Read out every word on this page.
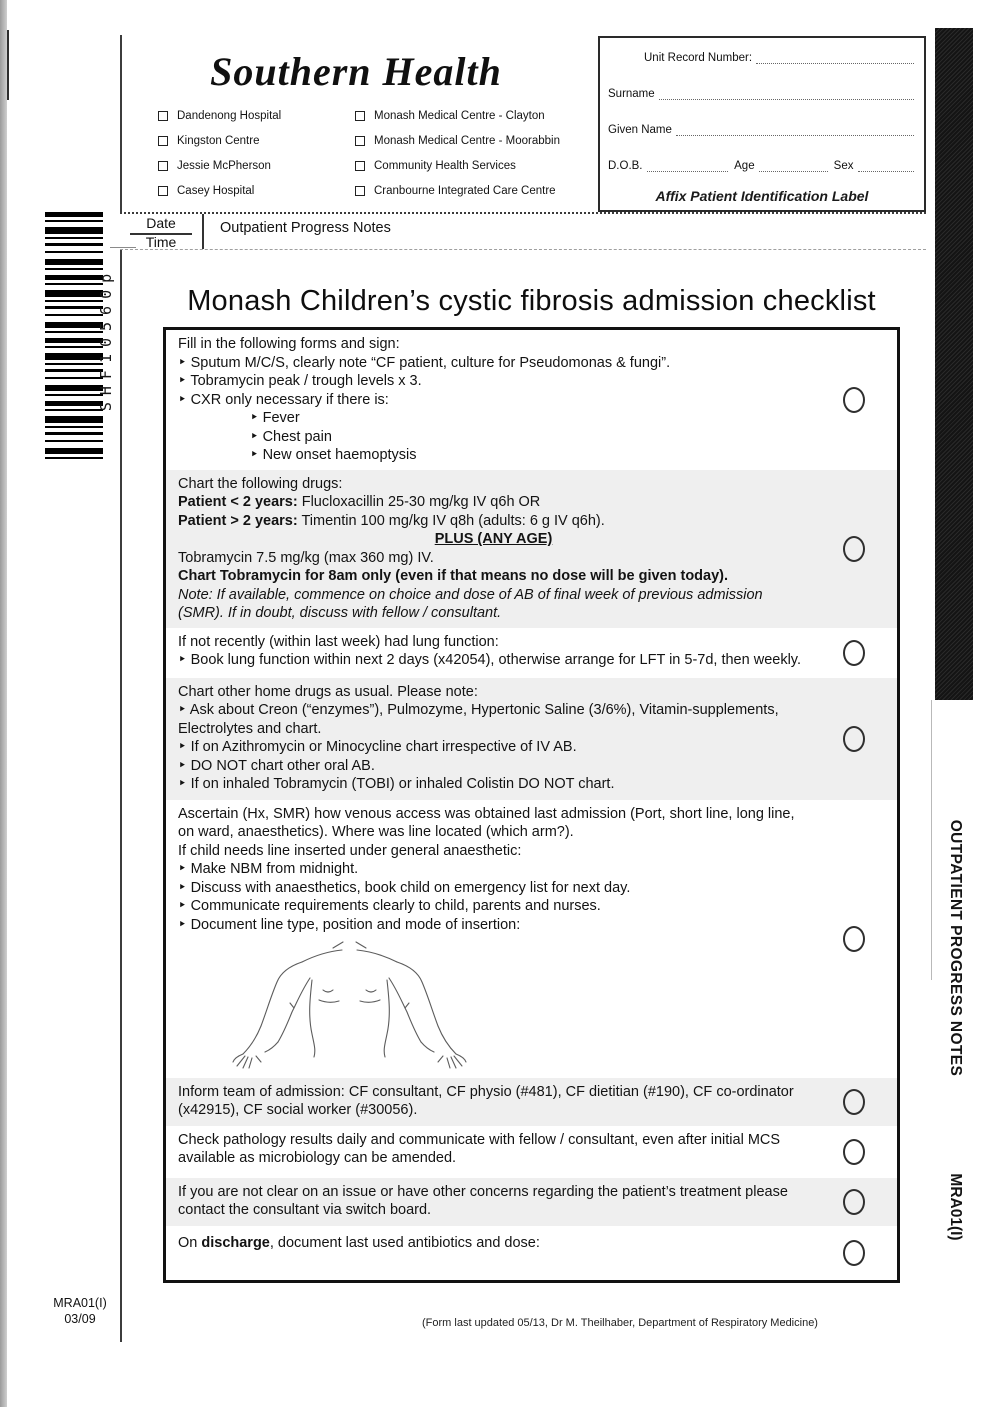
Southern Health
Dandenong Hospital
Kingston Centre
Jessie McPherson
Casey Hospital
Monash Medical Centre - Clayton
Monash Medical Centre - Moorabbin
Community Health Services
Cranbourne Integrated Care Centre
Unit Record Number:
Surname
Given Name
D.O.B.	Age	Sex
Affix Patient Identification Label
Date
Time
Outpatient Progress Notes
SHF10560p	Monash Children’s cystic fibrosis admission checklist
Fill in the following forms and sign:
‣ Sputum M/C/S, clearly note “CF patient, culture for Pseudomonas & fungi”.
‣ Tobramycin peak / trough levels x 3.
‣ CXR only necessary if there is:
‣ Fever
‣ Chest pain
‣ New onset haemoptysis
Chart the following drugs:
Patient < 2 years: Flucloxacillin 25-30 mg/kg IV q6h OR
Patient > 2 years: Timentin 100 mg/kg IV q8h (adults: 6 g IV q6h).
PLUS (ANY AGE)
Tobramycin 7.5 mg/kg (max 360 mg) IV.
Chart Tobramycin for 8am only (even if that means no dose will be given today).
Note: If available, commence on choice and dose of AB of final week of previous admission (SMR). If in doubt, discuss with fellow / consultant.
If not recently (within last week) had lung function:
‣ Book lung function within next 2 days (x42054), otherwise arrange for LFT in 5-7d, then weekly.
Chart other home drugs as usual. Please note:
‣ Ask about Creon (“enzymes”), Pulmozyme, Hypertonic Saline (3/6%), Vitamin-supplements, Electrolytes and chart.
‣ If on Azithromycin or Minocycline chart irrespective of IV AB.
‣ DO NOT chart other oral AB.
‣ If on inhaled Tobramycin (TOBI) or inhaled Colistin DO NOT chart.
Ascertain (Hx, SMR) how venous access was obtained last admission (Port, short line, long line, on ward, anaesthetics). Where was line located (which arm?).
If child needs line inserted under general anaesthetic:
‣ Make NBM from midnight.
‣ Discuss with anaesthetics, book child on emergency list for next day.
‣ Communicate requirements clearly to child, parents and nurses.
‣ Document line type, position and mode of insertion:
Inform team of admission: CF consultant, CF physio (#481), CF dietitian (#190), CF co-ordinator (x42915), CF social worker (#30056).
Check pathology results daily and communicate with fellow / consultant, even after initial MCS available as microbiology can be amended.
If you are not clear on an issue or have other concerns regarding the patient’s treatment please contact the consultant via switch board.
On discharge, document last used antibiotics and dose:
MRA01(I)
03/09	(Form last updated 05/13, Dr M. Theilhaber, Department of Respiratory Medicine)
OUTPATIENT PROGRESS NOTES
MRA01(I)
